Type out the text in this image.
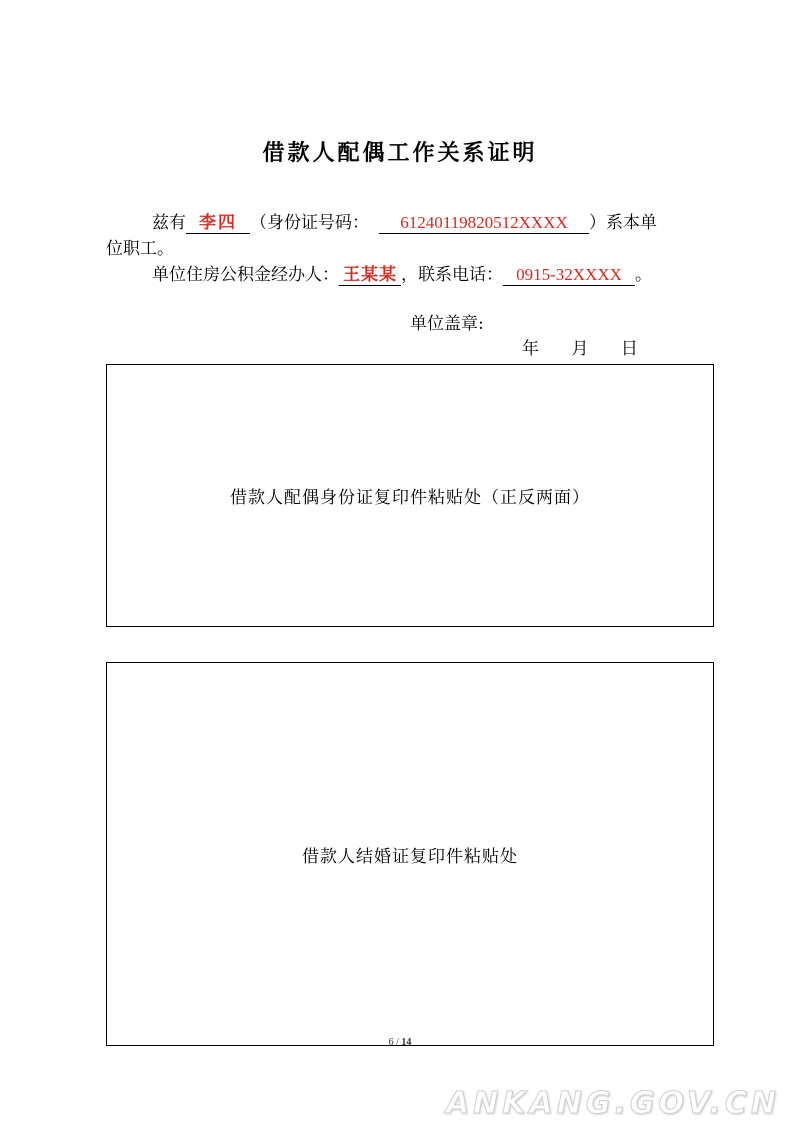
借款人配偶工作关系证明
兹有 李四 （身份证号码： 61240119820512XXXX ）系本单
位职工。
单位住房公积金经办人： 王某某 ，联系电话： 0915-32XXXX 。
单位盖章:
年 月 日
借款人配偶身份证复印件粘贴处（正反两面）
借款人结婚证复印件粘贴处
6 / 14
ANKANG.GOV.CN
